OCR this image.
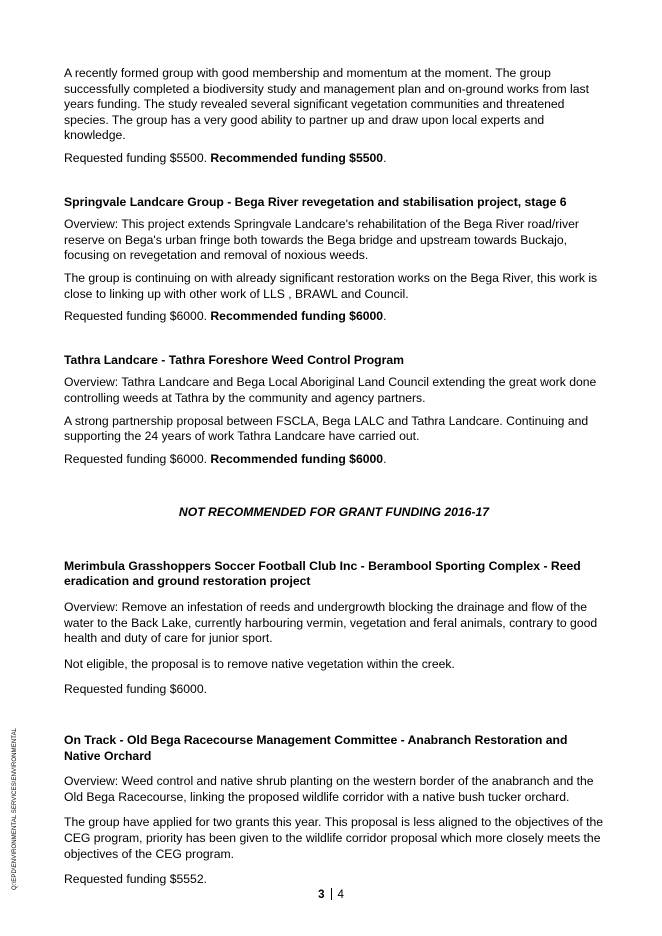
A recently formed group with good membership and momentum at the moment. The group successfully completed a biodiversity study and management plan and on-ground works from last years funding. The study revealed several significant vegetation communities and threatened species. The group has a very good ability to partner up and draw upon local experts and knowledge.

Requested funding $5500. Recommended funding $5500.

Springvale Landcare Group - Bega River revegetation and stabilisation project, stage 6

Overview: This project extends Springvale Landcare's rehabilitation of the Bega River road/river reserve on Bega's urban fringe both towards the Bega bridge and upstream towards Buckajo, focusing on revegetation and removal of noxious weeds.

The group is continuing on with already significant restoration works on the Bega River, this work is close to linking up with other work of LLS , BRAWL and Council.

Requested funding $6000. Recommended funding $6000.

Tathra Landcare - Tathra Foreshore Weed Control Program

Overview: Tathra Landcare and Bega Local Aboriginal Land Council extending the great work done controlling weeds at Tathra by the community and agency partners.

A strong partnership proposal between FSCLA, Bega LALC and Tathra Landcare. Continuing and supporting the 24 years of work Tathra Landcare have carried out.

Requested funding $6000. Recommended funding $6000.

NOT RECOMMENDED FOR GRANT FUNDING 2016-17

Merimbula Grasshoppers Soccer Football Club Inc - Berambool Sporting Complex - Reed eradication and ground restoration project

Overview: Remove an infestation of reeds and undergrowth blocking the drainage and flow of the water to the Back Lake, currently harbouring vermin, vegetation and feral animals, contrary to good health and duty of care for junior sport.

Not eligible, the proposal is to remove native vegetation within the creek.

Requested funding $6000.

On Track - Old Bega Racecourse Management Committee - Anabranch Restoration and Native Orchard

Overview: Weed control and native shrub planting on the western border of the anabranch and the Old Bega Racecourse, linking the proposed wildlife corridor with a native bush tucker orchard.

The group have applied for two grants this year. This proposal is less aligned to the objectives of the CEG program, priority has been given to the wildlife corridor proposal which more closely meets the objectives of the CEG program.

Requested funding $5552.

3 4
Q:\EPD\ENVIRONMENTAL SERVICES\ENVIRONMENTAL
